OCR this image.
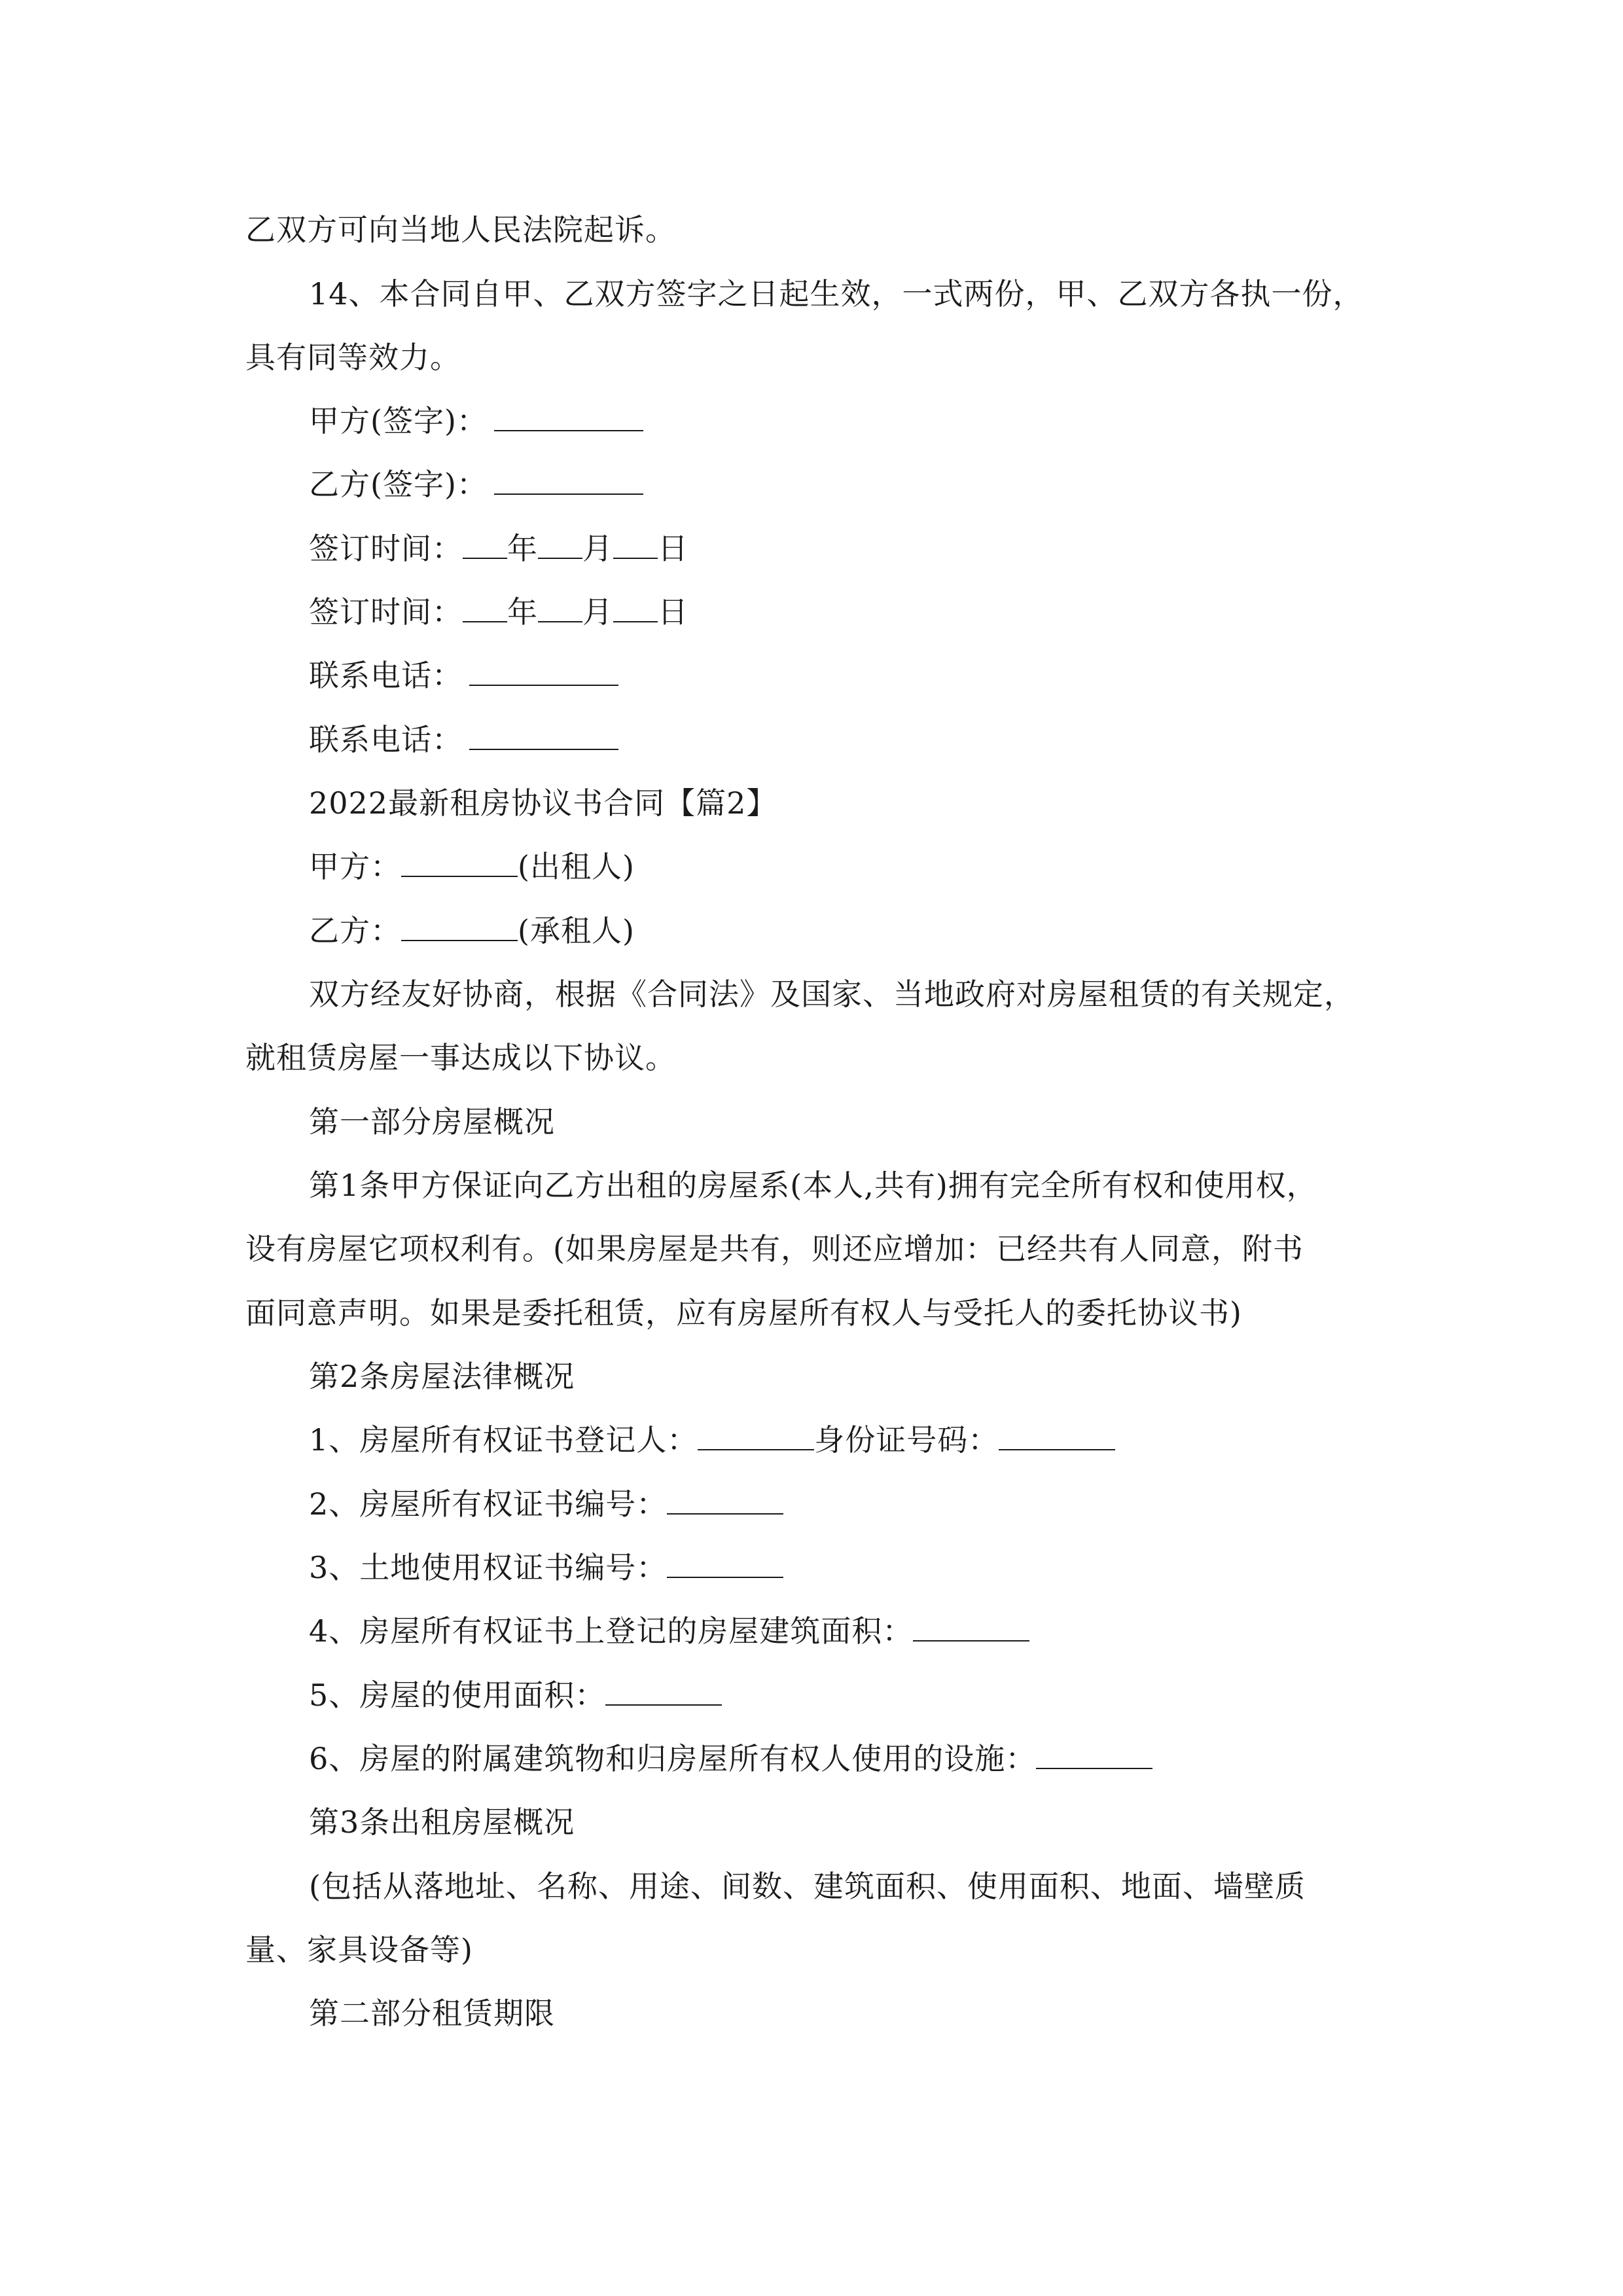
乙双方可向当地人民法院起诉。
14、本合同自甲、乙双方签字之日起生效，一式两份，甲、乙双方各执一份，
具有同等效力。
甲方(签字)：
乙方(签字)：
签订时间： 年 月 日
签订时间： 年 月 日
联系电话：
联系电话：
2022最新租房协议书合同【篇2】
甲方：	(出租人)
乙方：	(承租人)
双方经友好协商，根据《合同法》及国家、当地政府对房屋租赁的有关规定，
就租赁房屋一事达成以下协议。
第一部分房屋概况
第1条甲方保证向乙方出租的房屋系(本人,共有)拥有完全所有权和使用权，
设有房屋它项权利有。(如果房屋是共有，则还应增加：已经共有人同意，附书
面同意声明。如果是委托租赁，应有房屋所有权人与受托人的委托协议书)
第2条房屋法律概况
1、房屋所有权证书登记人：	身份证号码：
2、房屋所有权证书编号：
3、土地使用权证书编号：
4、房屋所有权证书上登记的房屋建筑面积：
5、房屋的使用面积：
6、房屋的附属建筑物和归房屋所有权人使用的设施：
第3条出租房屋概况
(包括从落地址、名称、用途、间数、建筑面积、使用面积、地面、墙壁质
量、家具设备等)
第二部分租赁期限
